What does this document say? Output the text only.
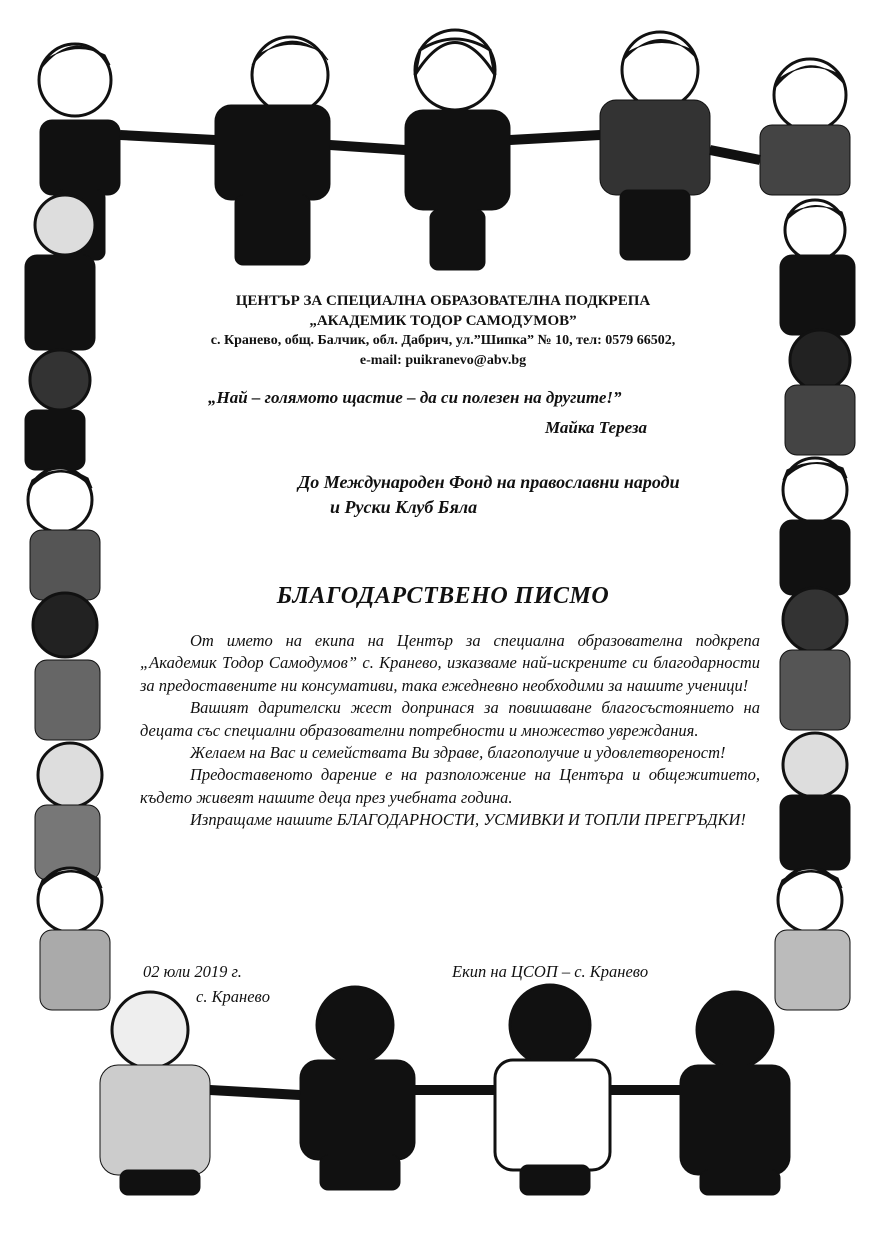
ЦЕНТЪР ЗА СПЕЦИАЛНА ОБРАЗОВАТЕЛНА ПОДКРЕПА
„АКАДЕМИК ТОДОР САМОДУМОВ”
с. Краневo, общ. Балчик, обл. Дабрич, ул.”Шипка” № 10, тел: 0579 66502,
e-mail: puikranevo@abv.bg
„Най – голямото щастие – да си полезен на другите!”
Майка Тереза
До Международен Фонд на православни народи
и Руски Клуб Бяла
БЛАГОДАРСТВЕНО ПИСМО

От името на екипа на Център за специална образователна подкрепа „Академик Тодор Самодумов” с. Краневo, изказваме най-искрените си благодарности за предоставените ни консумативи, така ежедневно необходими за нашите ученици!

Вашият дарителски жест допринася за повишаване благосъстоянието на децата със специални образователни потребности и множество увреждания.

Желаем на Вас и семействата Ви здраве, благополучие и удовлетвореност!

Предоставеното дарение е на разположение на Центъра и общежитието, където живеят нашите деца през учебната година.

Изпращаме нашите БЛАГОДАРНОСТИ, УСМИВКИ И ТОПЛИ ПРЕГРЪДКИ!

02 юли 2019 г.
с. Краневo
Екип на ЦСОП – с. Краневo
